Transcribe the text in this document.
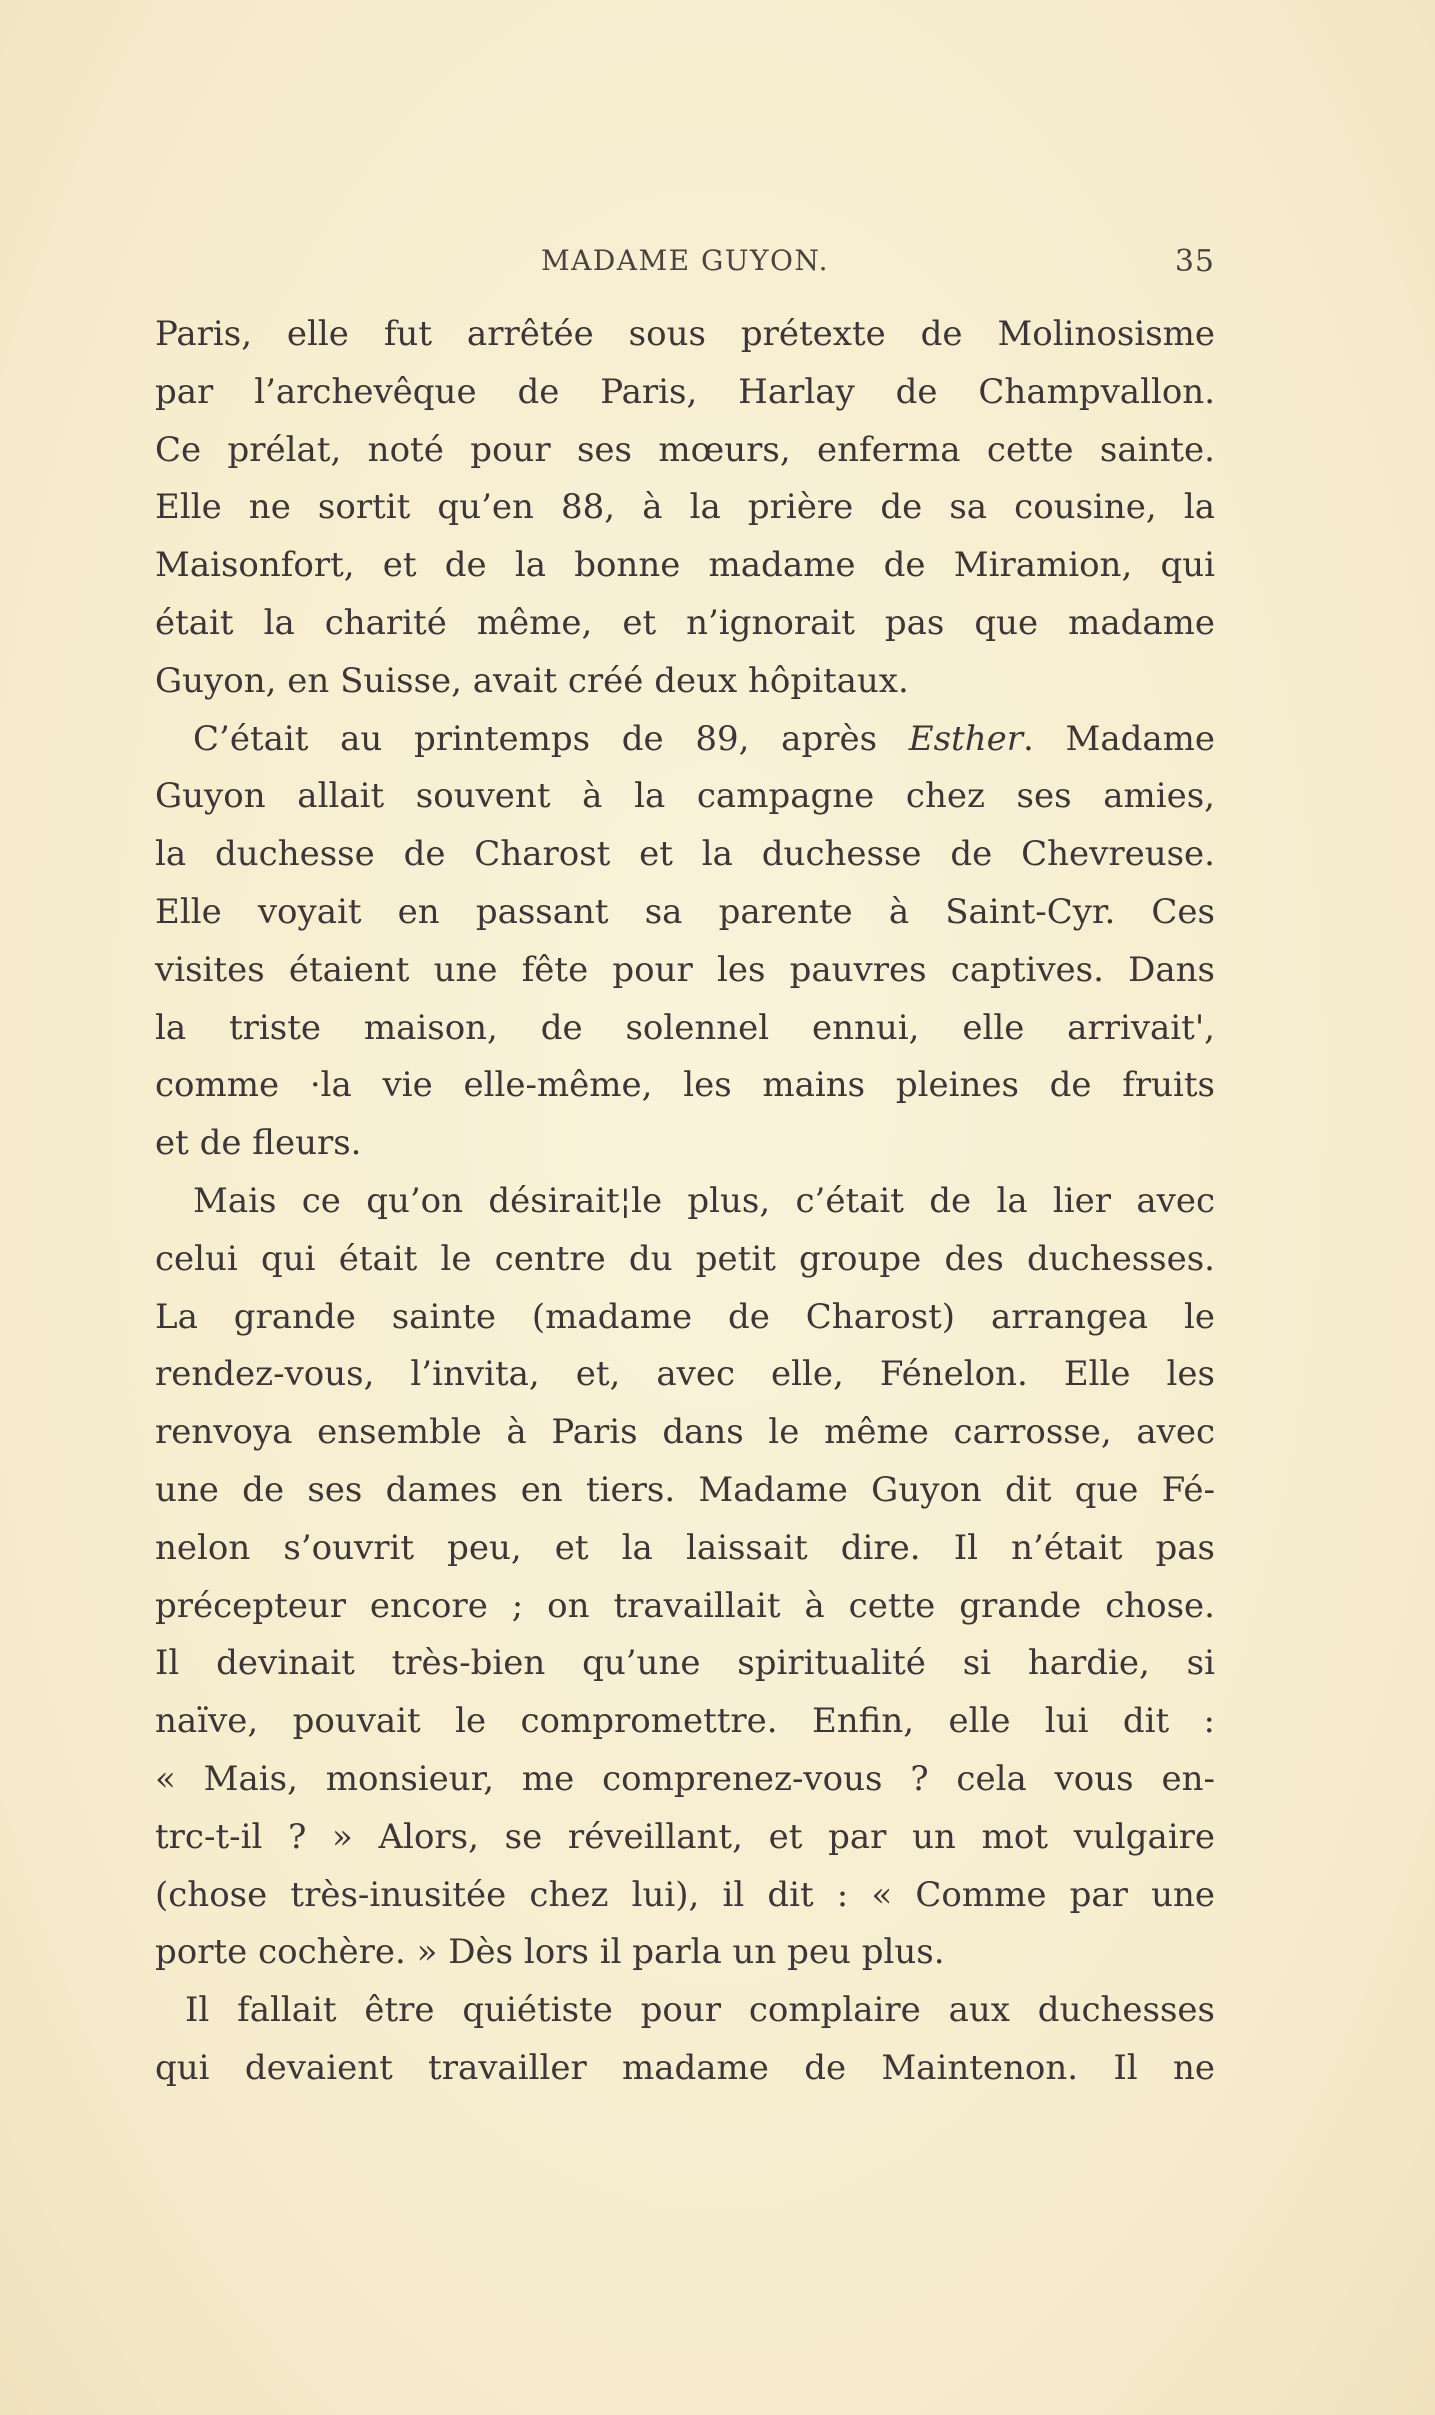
MADAME GUYON.	35
Paris, elle fut arrêtée sous prétexte de Molinosisme
par l’archevêque de Paris, Harlay de Champvallon.
Ce prélat, noté pour ses mœurs, enferma cette sainte.
Elle ne sortit qu’en 88, à la prière de sa cousine, la
Maisonfort, et de la bonne madame de Miramion, qui
était la charité même, et n’ignorait pas que madame
Guyon, en Suisse, avait créé deux hôpitaux.
C’était au printemps de 89, après Esther. Madame
Guyon allait souvent à la campagne chez ses amies,
la duchesse de Charost et la duchesse de Chevreuse.
Elle voyait en passant sa parente à Saint-Cyr. Ces
visites étaient une fête pour les pauvres captives. Dans
la triste maison, de solennel ennui, elle arrivait',
comme ·la vie elle-même, les mains pleines de fruits
et de fleurs.
Mais ce qu’on désirait¦le plus, c’était de la lier avec
celui qui était le centre du petit groupe des duchesses.
La grande sainte (madame de Charost) arrangea le
rendez-vous, l’invita, et, avec elle, Fénelon. Elle les
renvoya ensemble à Paris dans le même carrosse, avec
une de ses dames en tiers. Madame Guyon dit que Fé-
nelon s’ouvrit peu, et la laissait dire. Il n’était pas
précepteur encore ; on travaillait à cette grande chose.
Il devinait très-bien qu’une spiritualité si hardie, si
naïve, pouvait le compromettre. Enfin, elle lui dit :
« Mais, monsieur, me comprenez-vous ? cela vous en-
trc-t-il ? » Alors, se réveillant, et par un mot vulgaire
(chose très-inusitée chez lui), il dit : « Comme par une
porte cochère. » Dès lors il parla un peu plus.
Il fallait être quiétiste pour complaire aux duchesses
qui devaient travailler madame de Maintenon. Il ne
